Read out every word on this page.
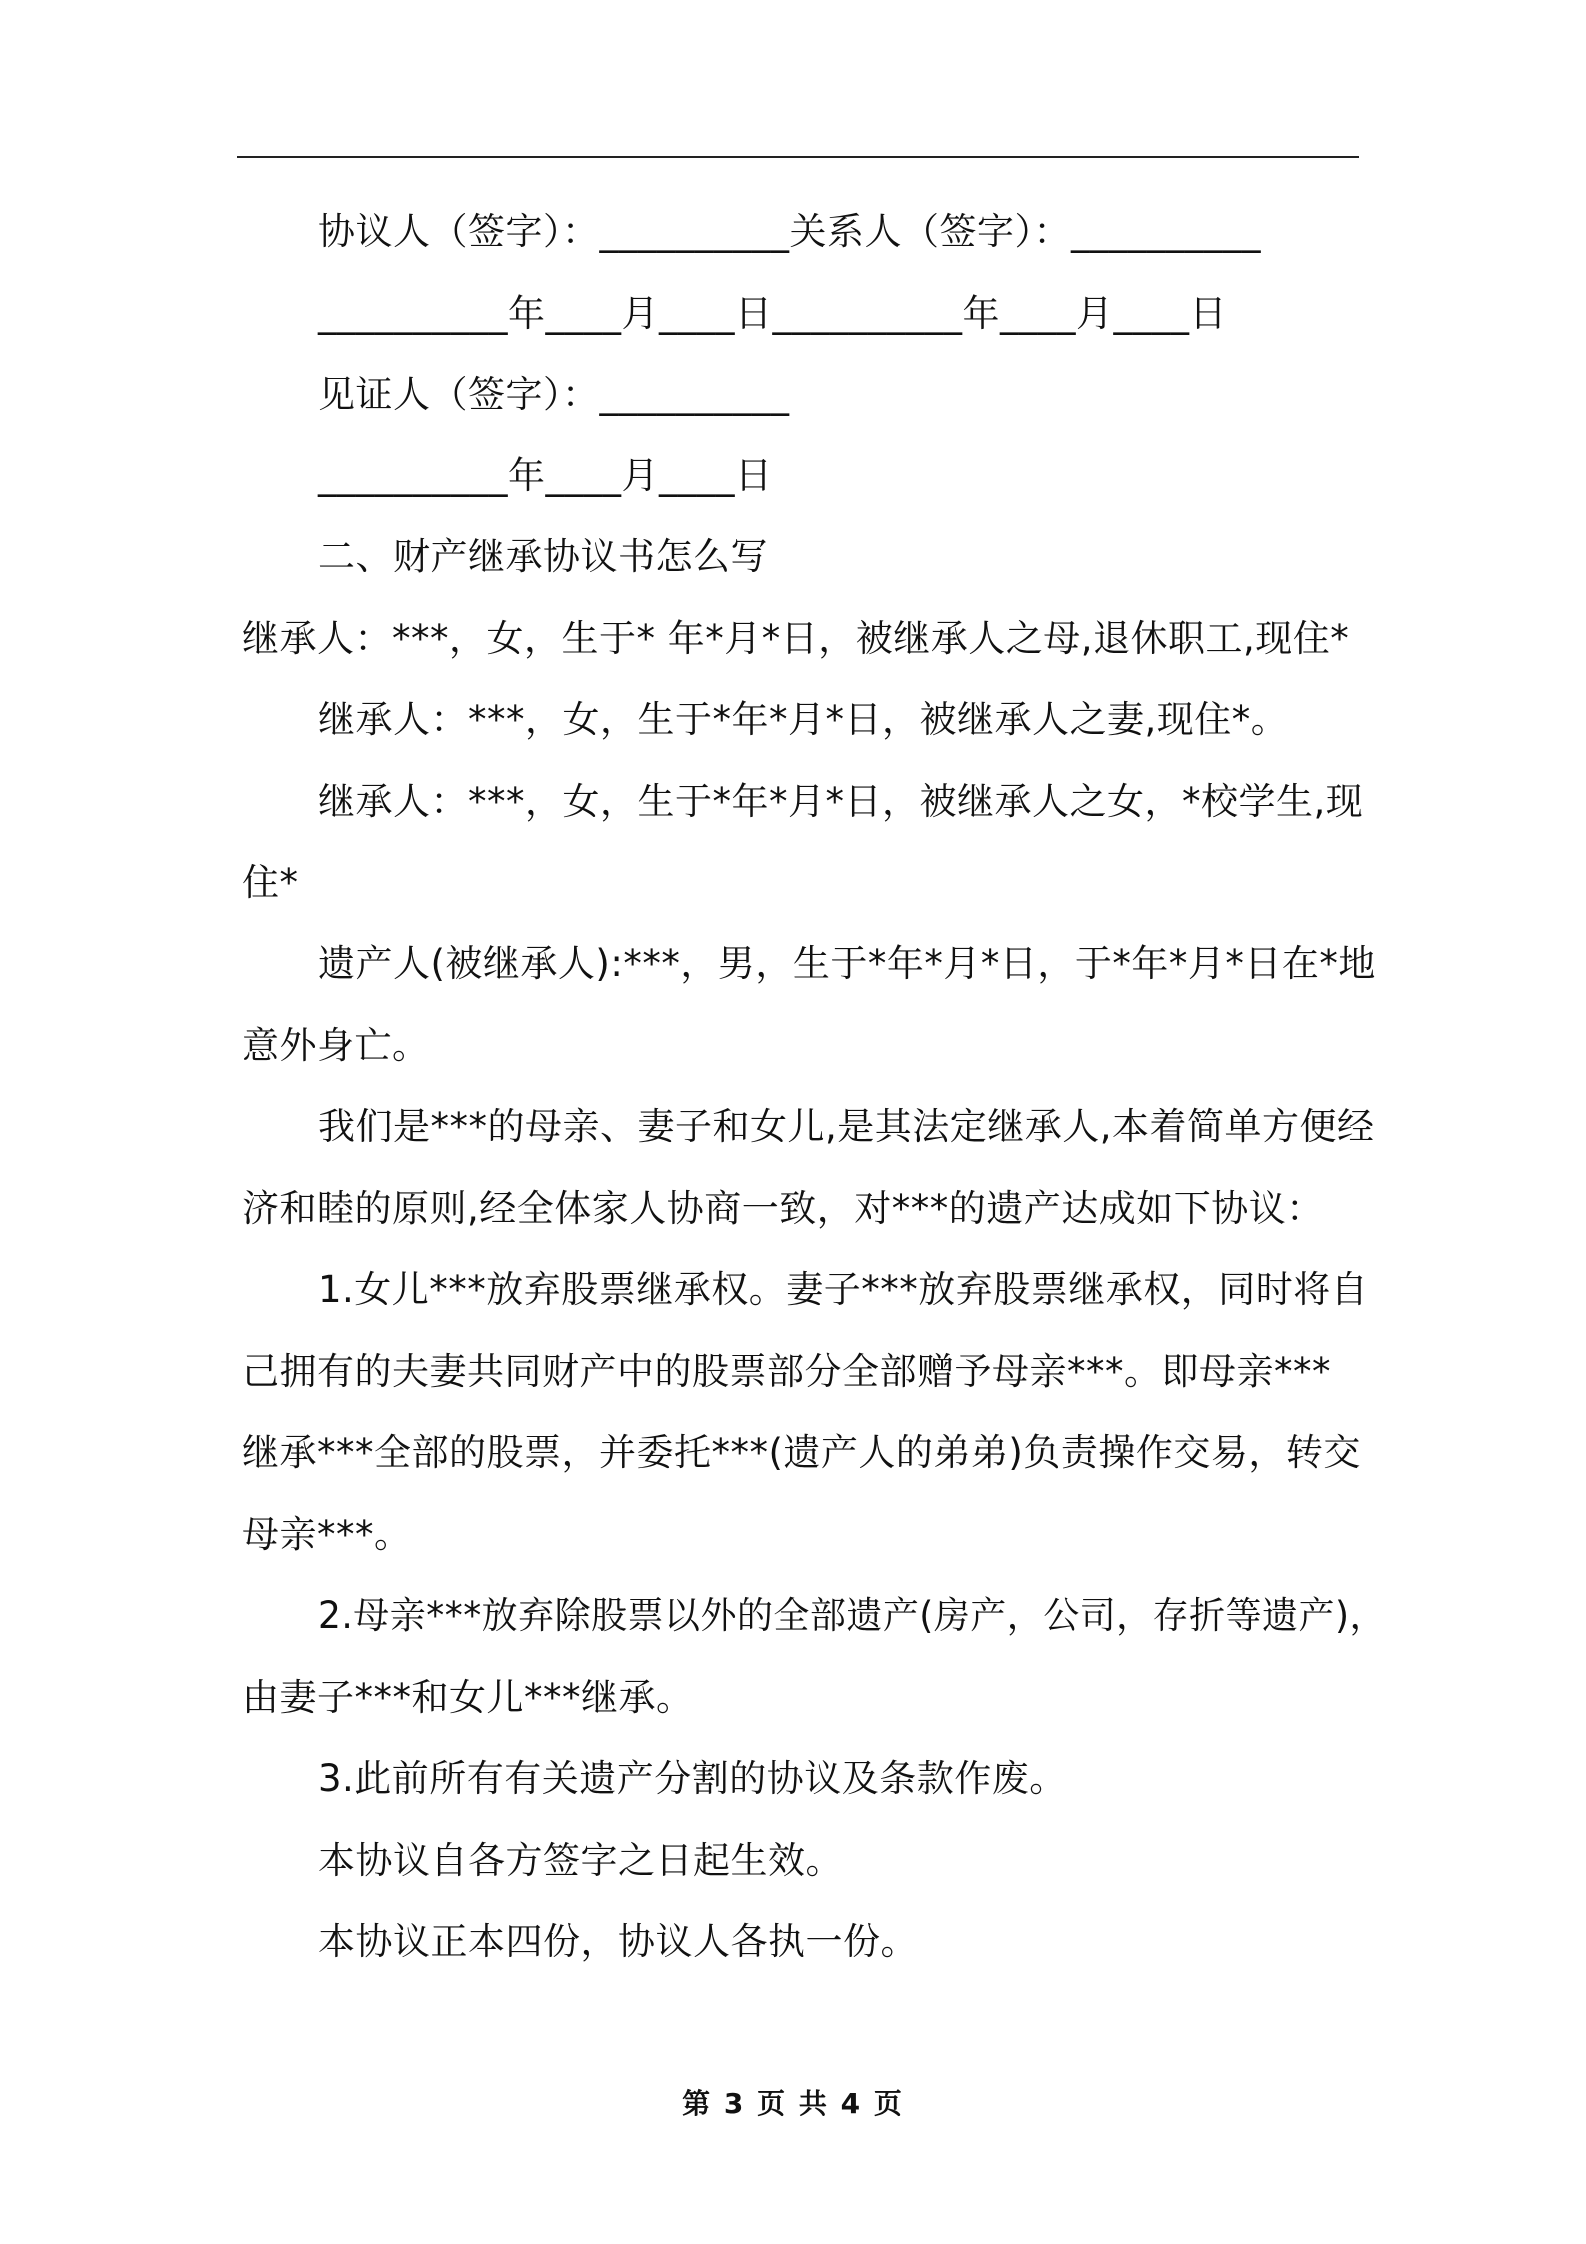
协议人（签字）：__________关系人（签字）：__________
__________年____月____日__________年____月____日
见证人（签字）：__________
__________年____月____日
二、财产继承协议书怎么写
继承人：***，女，生于* 年*月*日，被继承人之母,退休职工,现住*
继承人：***，女，生于*年*月*日，被继承人之妻,现住*。
继承人：***，女，生于*年*月*日，被继承人之女，*校学生,现
住*
遗产人(被继承人):***，男，生于*年*月*日，于*年*月*日在*地
意外身亡。
我们是***的母亲、妻子和女儿,是其法定继承人,本着简单方便经
济和睦的原则,经全体家人协商一致，对***的遗产达成如下协议：
1.女儿***放弃股票继承权。妻子***放弃股票继承权，同时将自
己拥有的夫妻共同财产中的股票部分全部赠予母亲***。即母亲***
继承***全部的股票，并委托***(遗产人的弟弟)负责操作交易，转交
母亲***。
2.母亲***放弃除股票以外的全部遗产(房产，公司，存折等遗产)，
由妻子***和女儿***继承。
3.此前所有有关遗产分割的协议及条款作废。
本协议自各方签字之日起生效。
本协议正本四份，协议人各执一份。
第 3 页 共 4 页
